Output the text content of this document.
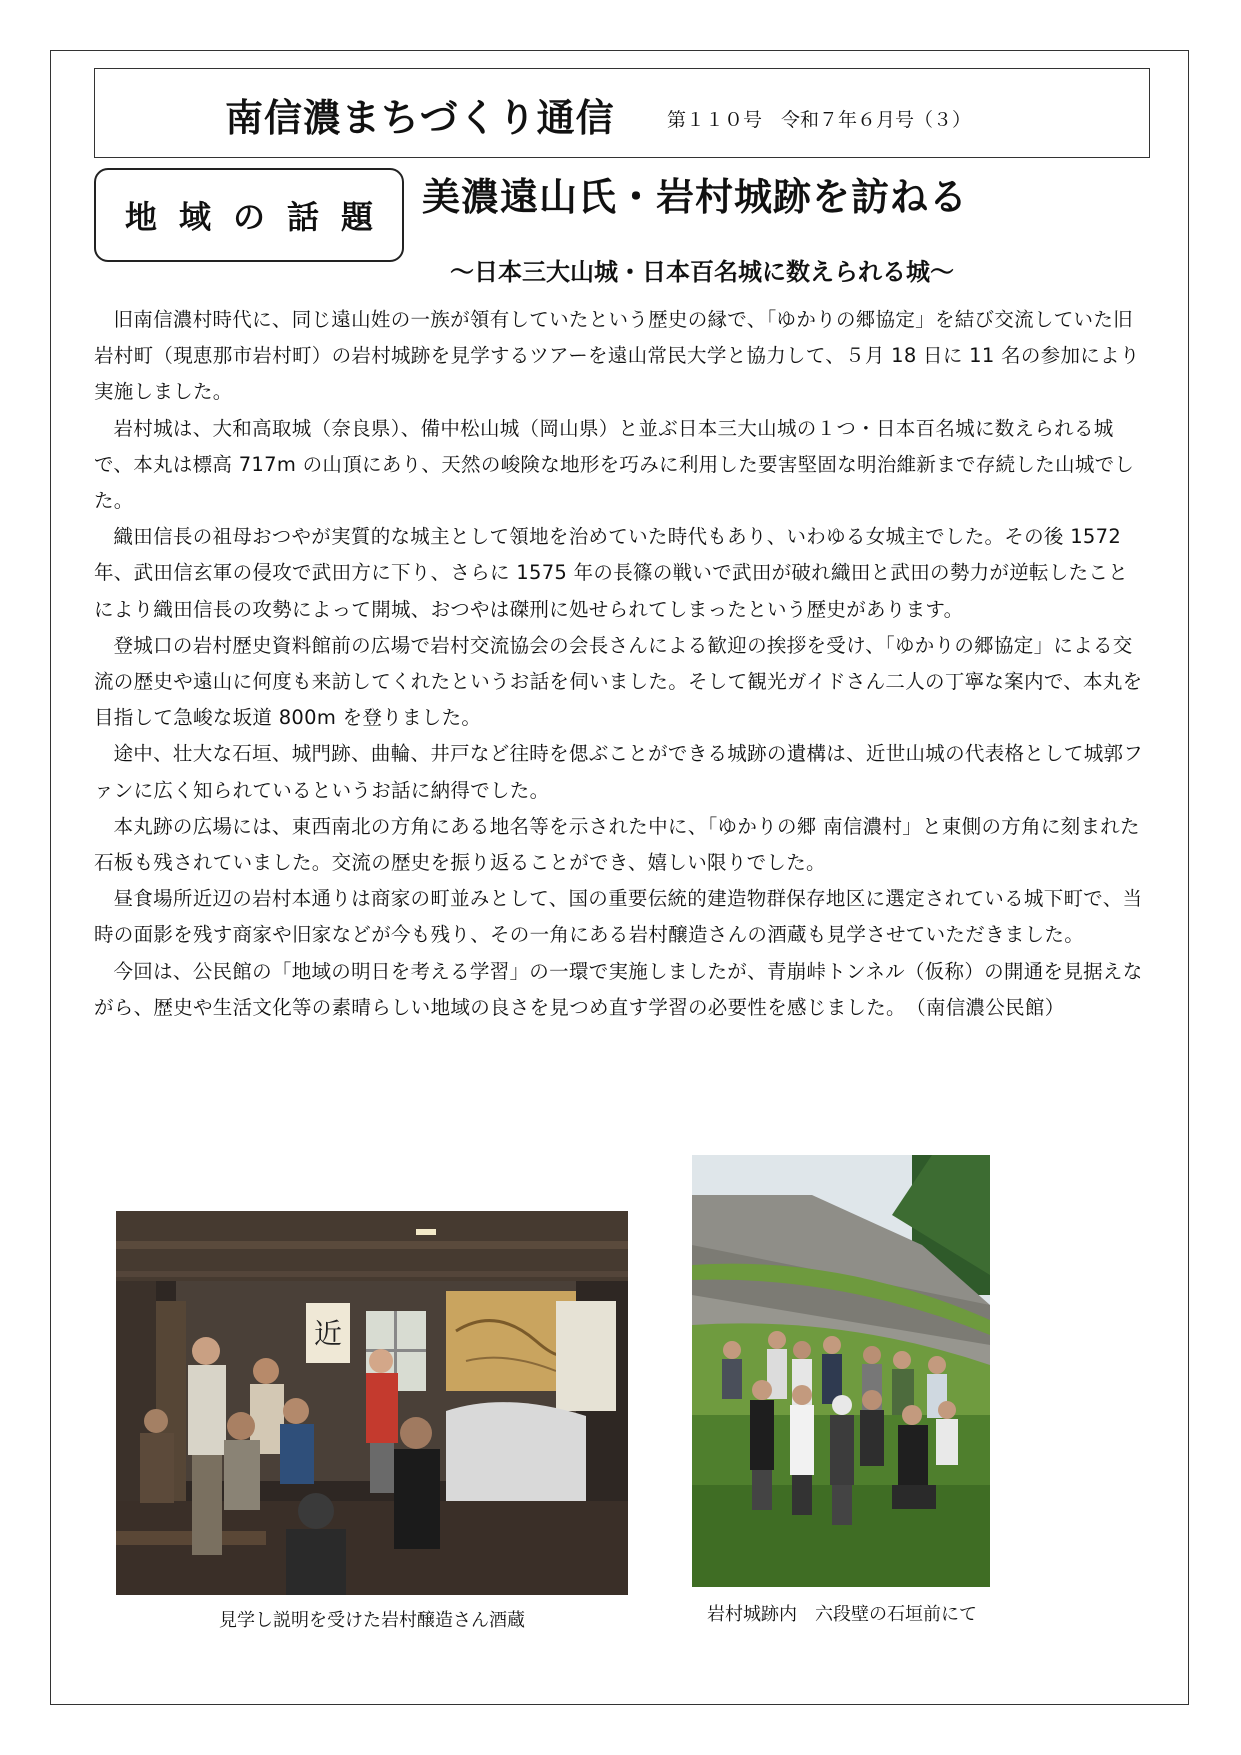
南信濃まちづくり通信	第１１０号　令和７年６月号（３）
地域の話題 美濃遠山氏・岩村城跡を訪ねる
～日本三大山城・日本百名城に数えられる城～

旧南信濃村時代に、同じ遠山姓の一族が領有していたという歴史の縁で、「ゆかりの郷協定」を結び交流していた旧岩村町（現恵那市岩村町）の岩村城跡を見学するツアーを遠山常民大学と協力して、５月 18 日に 11 名の参加により実施しました。

岩村城は、大和高取城（奈良県）、備中松山城（岡山県）と並ぶ日本三大山城の１つ・日本百名城に数えられる城で、本丸は標高 717m の山頂にあり、天然の峻険な地形を巧みに利用した要害堅固な明治維新まで存続した山城でした。

織田信長の祖母おつやが実質的な城主として領地を治めていた時代もあり、いわゆる女城主でした。その後 1572 年、武田信玄軍の侵攻で武田方に下り、さらに 1575 年の長篠の戦いで武田が破れ織田と武田の勢力が逆転したことにより織田信長の攻勢によって開城、おつやは磔刑に処せられてしまったという歴史があります。

登城口の岩村歴史資料館前の広場で岩村交流協会の会長さんによる歓迎の挨拶を受け、「ゆかりの郷協定」による交流の歴史や遠山に何度も来訪してくれたというお話を伺いました。そして観光ガイドさん二人の丁寧な案内で、本丸を目指して急峻な坂道 800m を登りました。

途中、壮大な石垣、城門跡、曲輪、井戸など往時を偲ぶことができる城跡の遺構は、近世山城の代表格として城郭ファンに広く知られているというお話に納得でした。

本丸跡の広場には、東西南北の方角にある地名等を示された中に、「ゆかりの郷 南信濃村」と東側の方角に刻まれた石板も残されていました。交流の歴史を振り返ることができ、嬉しい限りでした。

昼食場所近辺の岩村本通りは商家の町並みとして、国の重要伝統的建造物群保存地区に選定されている城下町で、当時の面影を残す商家や旧家などが今も残り、その一角にある岩村醸造さんの酒蔵も見学させていただきました。

今回は、公民館の「地域の明日を考える学習」の一環で実施しましたが、青崩峠トンネル（仮称）の開通を見据えながら、歴史や生活文化等の素晴らしい地域の良さを見つめ直す学習の必要性を感じました。　（南信濃公民館）

近
見学し説明を受けた岩村醸造さん酒蔵	岩村城跡内　六段壁の石垣前にて
